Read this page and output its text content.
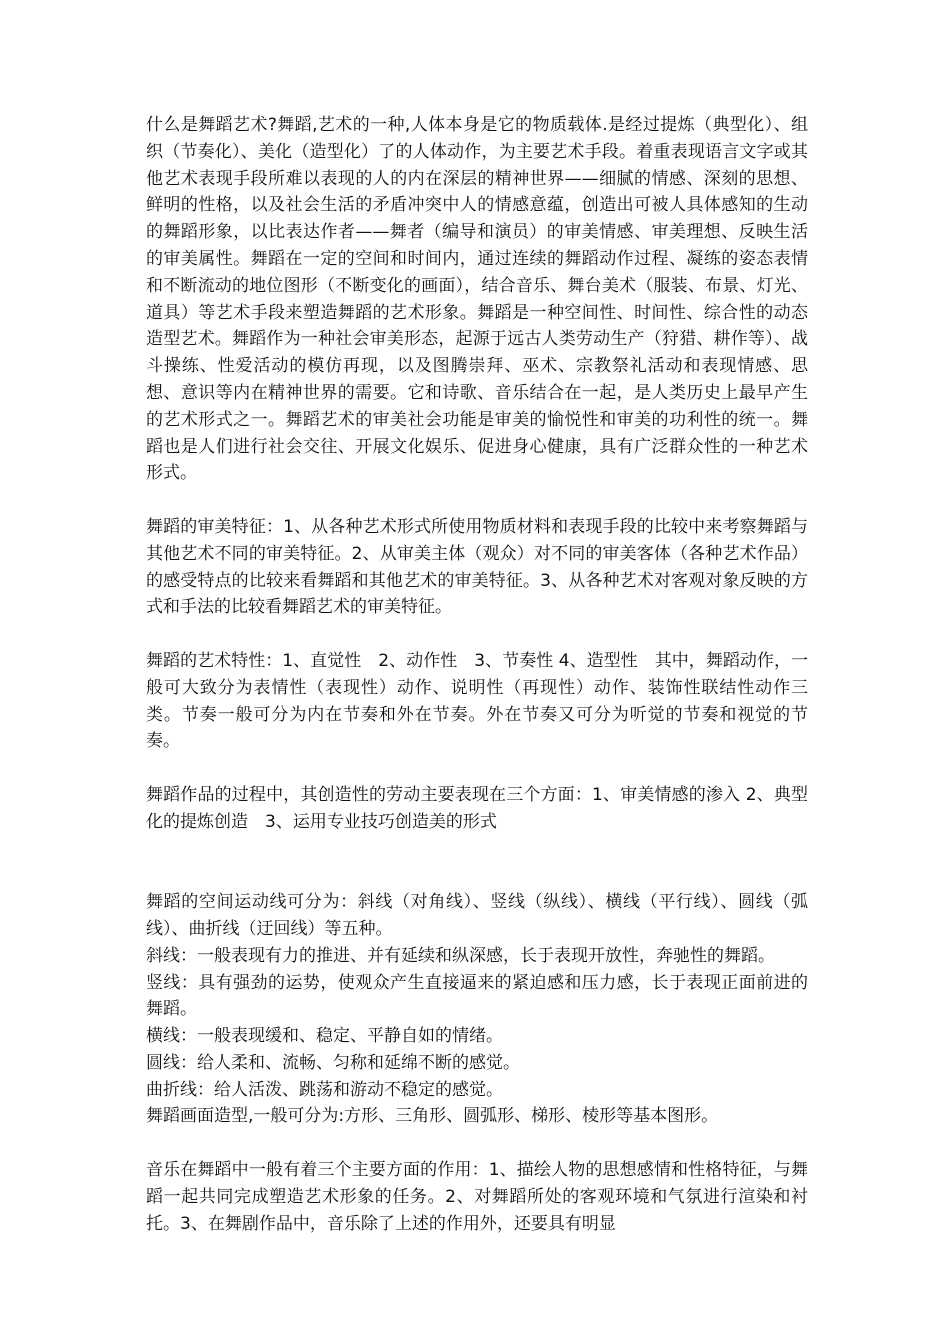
什么是舞蹈艺术?舞蹈,艺术的一种,人体本身是它的物质载体.是经过提炼（典型化）、组织（节奏化）、美化（造型化）了的人体动作，为主要艺术手段。着重表现语言文字或其他艺术表现手段所难以表现的人的内在深层的精神世界——细腻的情感、深刻的思想、鲜明的性格，以及社会生活的矛盾冲突中人的情感意蕴，创造出可被人具体感知的生动的舞蹈形象，以比表达作者——舞者（编导和演员）的审美情感、审美理想、反映生活的审美属性。舞蹈在一定的空间和时间内，通过连续的舞蹈动作过程、凝练的姿态表情和不断流动的地位图形（不断变化的画面），结合音乐、舞台美术（服装、布景、灯光、道具）等艺术手段来塑造舞蹈的艺术形象。舞蹈是一种空间性、时间性、综合性的动态造型艺术。舞蹈作为一种社会审美形态，起源于远古人类劳动生产（狩猎、耕作等）、战斗操练、性爱活动的模仿再现，以及图腾崇拜、巫术、宗教祭礼活动和表现情感、思想、意识等内在精神世界的需要。它和诗歌、音乐结合在一起，是人类历史上最早产生的艺术形式之一。舞蹈艺术的审美社会功能是审美的愉悦性和审美的功利性的统一。舞蹈也是人们进行社会交往、开展文化娱乐、促进身心健康，具有广泛群众性的一种艺术形式。

舞蹈的审美特征：1、从各种艺术形式所使用物质材料和表现手段的比较中来考察舞蹈与其他艺术不同的审美特征。2、从审美主体（观众）对不同的审美客体（各种艺术作品）的感受特点的比较来看舞蹈和其他艺术的审美特征。3、从各种艺术对客观对象反映的方式和手法的比较看舞蹈艺术的审美特征。

舞蹈的艺术特性：1、直觉性　2、动作性　3、节奏性 4、造型性　其中，舞蹈动作，一般可大致分为表情性（表现性）动作、说明性（再现性）动作、装饰性联结性动作三类。节奏一般可分为内在节奏和外在节奏。外在节奏又可分为听觉的节奏和视觉的节奏。

舞蹈作品的过程中，其创造性的劳动主要表现在三个方面：1、审美情感的渗入 2、典型化的提炼创造　3、运用专业技巧创造美的形式

舞蹈的空间运动线可分为：斜线（对角线）、竖线（纵线）、横线（平行线）、圆线（弧线）、曲折线（迂回线）等五种。

斜线：一般表现有力的推进、并有延续和纵深感，长于表现开放性，奔驰性的舞蹈。

竖线：具有强劲的运势，使观众产生直接逼来的紧迫感和压力感，长于表现正面前进的舞蹈。

横线：一般表现缓和、稳定、平静自如的情绪。

圆线：给人柔和、流畅、匀称和延绵不断的感觉。

曲折线：给人活泼、跳荡和游动不稳定的感觉。

舞蹈画面造型,一般可分为:方形、三角形、圆弧形、梯形、棱形等基本图形。

音乐在舞蹈中一般有着三个主要方面的作用：1、描绘人物的思想感情和性格特征，与舞蹈一起共同完成塑造艺术形象的任务。2、对舞蹈所处的客观环境和气氛进行渲染和衬托。3、在舞剧作品中，音乐除了上述的作用外，还要具有明显
